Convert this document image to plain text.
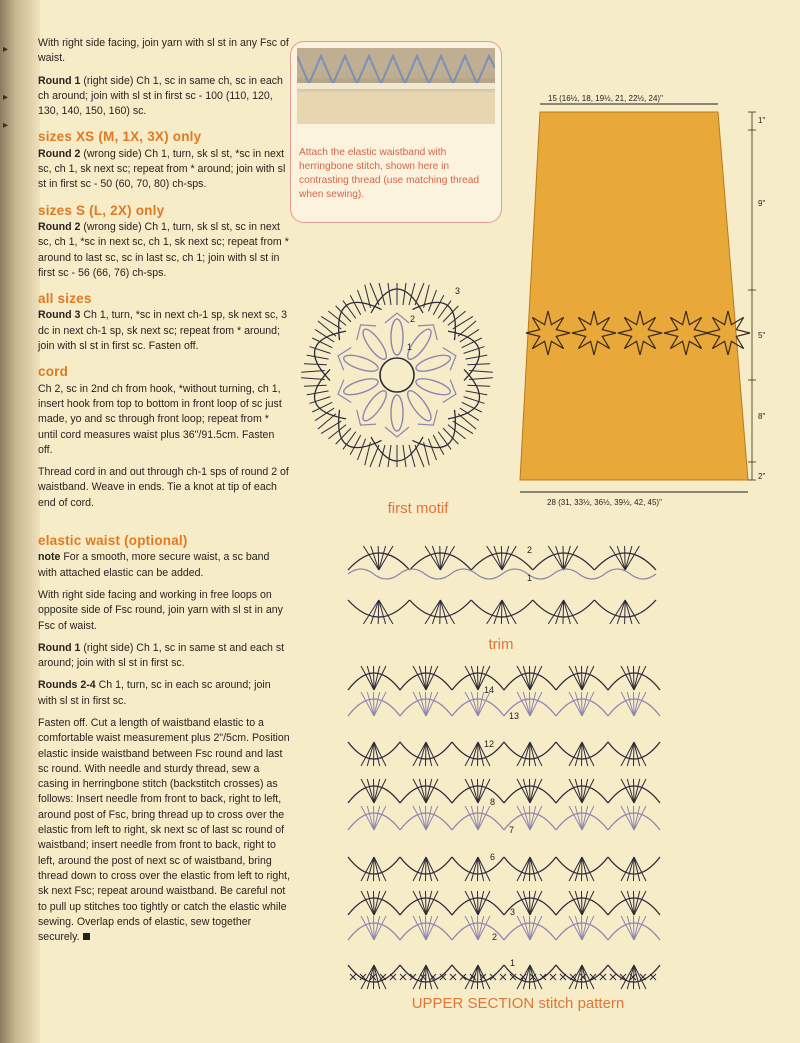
▸
▸
▸

With right side facing, join yarn with sl st in any Fsc of waist.

Round 1 (right side) Ch 1, sc in same ch, sc in each ch around; join with sl st in first sc - 100 (110, 120, 130, 140, 150, 160) sc.

sizes XS (M, 1X, 3X) only

Round 2 (wrong side) Ch 1, turn, sk sl st, *sc in next sc, ch 1, sk next sc; repeat from * around; join with sl st in first sc - 50 (60, 70, 80) ch-sps.

sizes S (L, 2X) only

Round 2 (wrong side) Ch 1, turn, sk sl st, sc in next sc, ch 1, *sc in next sc, ch 1, sk next sc; repeat from * around to last sc, sc in last sc, ch 1; join with sl st in first sc - 56 (66, 76) ch-sps.

all sizes

Round 3 Ch 1, turn, *sc in next ch-1 sp, sk next sc, 3 dc in next ch-1 sp, sk next sc; repeat from * around; join with sl st in first sc. Fasten off.

cord

Ch 2, sc in 2nd ch from hook, *without turning, ch 1, insert hook from top to bottom in front loop of sc just made, yo and sc through front loop; repeat from * until cord measures waist plus 36"/91.5cm. Fasten off.

Thread cord in and out through ch-1 sps of round 2 of waistband. Weave in ends. Tie a knot at tip of each end of cord.

elastic waist (optional)

note For a smooth, more secure waist, a sc band with attached elastic can be added.

With right side facing and working in free loops on opposite side of Fsc round, join yarn with sl st in any Fsc of waist.

Round 1 (right side) Ch 1, sc in same st and each st around; join with sl st in first sc.

Rounds 2-4 Ch 1, turn, sc in each sc around; join with sl st in first sc.

Fasten off. Cut a length of waistband elastic to a comfortable waist measurement plus 2"/5cm. Position elastic inside waistband between Fsc round and last sc round. With needle and sturdy thread, sew a casing in herringbone stitch (backstitch crosses) as follows: Insert needle from front to back, right to left, around post of Fsc, bring thread up to cross over the elastic from left to right, sk next sc of last sc round of waistband; insert needle from front to back, right to left, around the post of next sc of waistband, bring thread down to cross over the elastic from left to right, sk next Fsc; repeat around waistband. Be careful not to pull up stitches too tightly or catch the elastic while sewing. Overlap ends of elastic, sew together securely.

Attach the elastic waistband with herringbone stitch, shown here in contrasting thread (use matching thread when sewing).
15 (16½, 18, 19½, 21, 22½, 24)"
28 (31, 33½, 36½, 39½, 42, 45)"
1"
9"
5"
8"
2"
first motif
3
2
1
trim
2
1
14
13
12
8
7
6
3
2
1
UPPER SECTION stitch pattern
